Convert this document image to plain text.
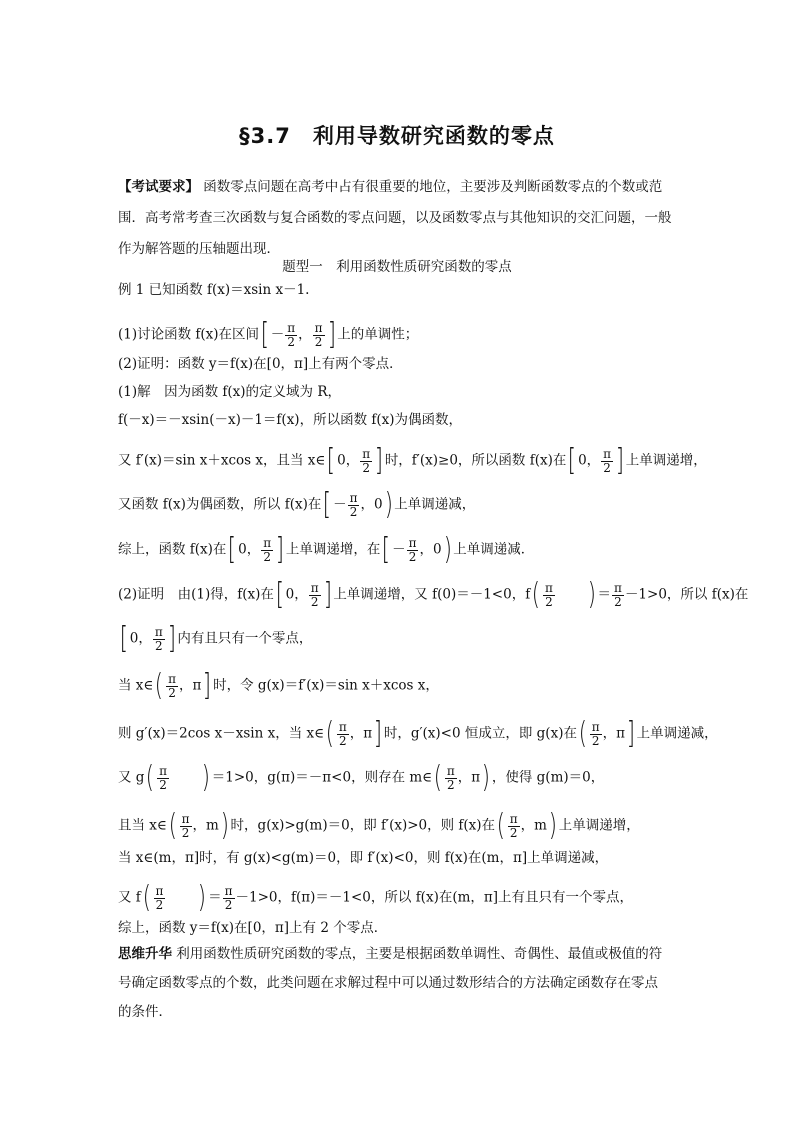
§3.7　利用导数研究函数的零点
【考试要求】 函数零点问题在高考中占有很重要的地位，主要涉及判断函数零点的个数或范围．高考常考查三次函数与复合函数的零点问题，以及函数零点与其他知识的交汇问题，一般作为解答题的压轴题出现．
题型一　利用函数性质研究函数的零点
例 1 已知函数 f(x)＝xsin x－1.
(1)讨论函数 f(x)在区间[ － $\frac{\pi}{2}$ ， $\frac{\pi}{2}$ ] 上的单调性；
(2)证明：函数 y＝f(x)在[0，π]上有两个零点．
(1)解　因为函数 f(x)的定义域为 R，
f(－x)＝－xsin(－x)－1＝f(x)，所以函数 f(x)为偶函数，
又 f′(x)＝sin x＋xcos x，且当 x∈[ 0， $\frac{\pi}{2}$ ] 时，f′(x)≥0，所以函数 f(x)在[ 0， $\frac{\pi}{2}$ ] 上单调递增，
又函数 f(x)为偶函数，所以 f(x)在[ － $\frac{\pi}{2}$ ，0) 上单调递减，
综上，函数 f(x)在[ 0， $\frac{\pi}{2}$ ] 上单调递增，在[ － $\frac{\pi}{2}$ ，0) 上单调递减．
(2)证明　由(1)得，f(x)在[ 0， $\frac{\pi}{2}$ ] 上单调递增，又 f(0)＝－1<0，$f( \frac{\pi}{2}$ ) ＝ $\frac{\pi}{2} -1>0$，所以 f(x)在
[ 0， $\frac{\pi}{2}$ ] 内有且只有一个零点，
当 x∈( $\frac{\pi}{2}$ ，π] 时，令 g(x)＝f′(x)＝sin x＋xcos x，
则 g′(x)＝2cos x－xsin x，当 x∈( $\frac{\pi}{2}$ ，π] 时，g′(x)<0 恒成立，即 g(x)在( $\frac{\pi}{2}$ ，π] 上单调递减，
又 $g( \frac{\pi}{2}$ ) ＝1>0，g(π)＝－π<0，则存在 m∈( $\frac{\pi}{2}$ ，π) ，使得 g(m)＝0，
且当 x∈( $\frac{\pi}{2}$ ，m) 时，g(x)>g(m)＝0，即 f′(x)>0，则 f(x)在( $\frac{\pi}{2}$ ，m) 上单调递增，
当 x∈(m，π]时，有 g(x)<g(m)＝0，即 f′(x)<0，则 f(x)在(m，π]上单调递减，
又 $f( \frac{\pi}{2}$ ) ＝ $\frac{\pi}{2} -1>0$，f(π)＝－1<0，所以 f(x)在(m，π]上有且只有一个零点，
综上，函数 y＝f(x)在[0，π]上有 2 个零点．
思维升华 利用函数性质研究函数的零点，主要是根据函数单调性、奇偶性、最值或极值的符
号确定函数零点的个数，此类问题在求解过程中可以通过数形结合的方法确定函数存在零点
的条件．
